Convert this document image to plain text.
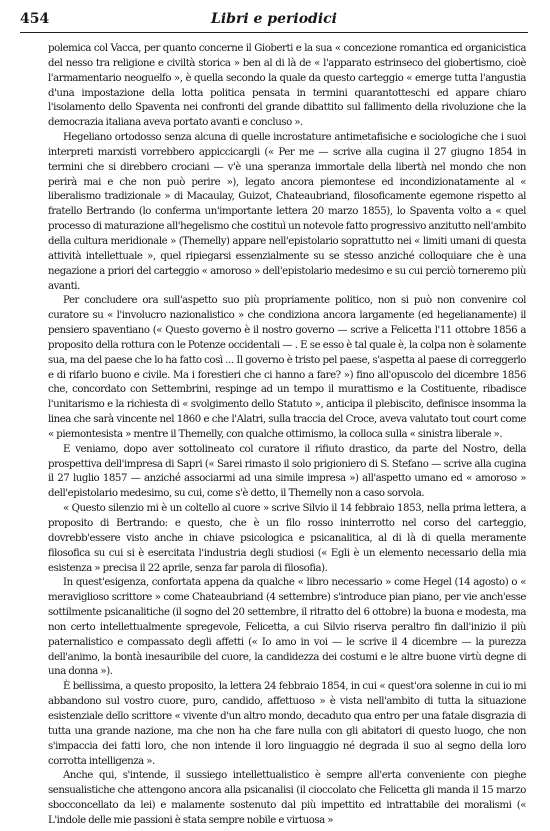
454	Libri e periodici

polemica col Vacca, per quanto concerne il Gioberti e la sua « concezione romantica ed organicistica del nesso tra religione e civiltà storica » ben al di là de « l'apparato estrinseco del giobertismo, cioè l'armamentario neoguelfo », è quella secondo la quale da questo carteggio « emerge tutta l'angustia d'una impostazione della lotta politica pensata in termini quarantotteschi ed appare chiaro l'isolamento dello Spaventa nei confronti del grande dibattito sul fallimento della rivoluzione che la democrazia italiana aveva portato avanti e concluso ».

Hegeliano ortodosso senza alcuna di quelle incrostature antimetafisiche e sociologiche che i suoi interpreti marxisti vorrebbero appiccicargli (« Per me — scrive alla cugina il 27 giugno 1854 in termini che si direbbero crociani — v'è una speranza immortale della libertà nel mondo che non perirà mai e che non può perire »), legato ancora piemontese ed incondizionatamente al « liberalismo tradizionale » di Macaulay, Guizot, Chateaubriand, filosoficamente egemone rispetto al fratello Bertrando (lo conferma un'importante lettera 20 marzo 1855), lo Spaventa volto a « quel processo di maturazione all'hegelismo che costituì un notevole fatto progressivo anzitutto nell'ambito della cultura meridionale » (Themelly) appare nell'epistolario soprattutto nei « limiti umani di questa attività intellettuale », quel ripiegarsi essenzialmente su se stesso anziché colloquiare che è una negazione a priori del carteggio « amoroso » dell'epistolario medesimo e su cui perciò torneremo più avanti.

Per concludere ora sull'aspetto suo più propriamente politico, non si può non convenire col curatore su « l'involucro nazionalistico » che condiziona ancora largamente (ed hegelianamente) il pensiero spaventiano (« Questo governo è il nostro governo — scrive a Felicetta l'11 ottobre 1856 a proposito della rottura con le Potenze occidentali — . E se esso è tal quale è, la colpa non è solamente sua, ma del paese che lo ha fatto così ... Il governo è tristo pel paese, s'aspetta al paese di correggerlo e di rifarlo buono e civile. Ma i forestieri che ci hanno a fare? ») fino all'opuscolo del dicembre 1856 che, concordato con Settembrini, respinge ad un tempo il murattismo e la Costituente, ribadisce l'unitarismo e la richiesta di « svolgimento dello Statuto », anticipa il plebiscito, definisce insomma la linea che sarà vincente nel 1860 e che l'Alatri, sulla traccia del Croce, aveva valutato tout court come « piemontesista » mentre il Themelly, con qualche ottimismo, la colloca sulla « sinistra liberale ».

E veniamo, dopo aver sottolineato col curatore il rifiuto drastico, da parte del Nostro, della prospettiva dell'impresa di Sapri (« Sarei rimasto il solo prigioniero di S. Stefano — scrive alla cugina il 27 luglio 1857 — anziché associarmi ad una simile impresa ») all'aspetto umano ed « amoroso » dell'epistolario medesimo, su cui, come s'è detto, il Themelly non a caso sorvola.

« Questo silenzio mi è un coltello al cuore » scrive Silvio il 14 febbraio 1853, nella prima lettera, a proposito di Bertrando: e questo, che è un filo rosso ininterrotto nel corso del carteggio, dovrebb'essere visto anche in chiave psicologica e psicanalitica, al di là di quella meramente filosofica su cui si è esercitata l'industria degli studiosi (« Egli è un elemento necessario della mia esistenza » precisa il 22 aprile, senza far parola di filosofia).

In quest'esigenza, confortata appena da qualche « libro necessario » come Hegel (14 agosto) o « meraviglioso scrittore » come Chateaubriand (4 settembre) s'introduce pian piano, per vie anch'esse sottilmente psicanalitiche (il sogno del 20 settembre, il ritratto del 6 ottobre) la buona e modesta, ma non certo intellettualmente spregevole, Felicetta, a cui Silvio riserva peraltro fin dall'inizio il più paternalistico e compassato degli affetti (« Io amo in voi — le scrive il 4 dicembre — la purezza dell'animo, la bontà inesauribile del cuore, la candidezza dei costumi e le altre buone virtù degne di una donna »).

È bellissima, a questo proposito, la lettera 24 febbraio 1854, in cui « quest'ora solenne in cui io mi abbandono sul vostro cuore, puro, candido, affettuoso » è vista nell'ambito di tutta la situazione esistenziale dello scrittore « vivente d'un altro mondo, decaduto qua entro per una fatale disgrazia di tutta una grande nazione, ma che non ha che fare nulla con gli abitatori di questo luogo, che non s'impaccia dei fatti loro, che non intende il loro linguaggio né degrada il suo al segno della loro corrotta intelligenza ».

Anche qui, s'intende, il sussiego intellettualistico è sempre all'erta conveniente con pieghe sensualistiche che attengono ancora alla psicanalisi (il cioccolato che Felicetta gli manda il 15 marzo sbocconcellato da lei) e malamente sostenuto dal più impettito ed intrattabile dei moralismi (« L'indole delle mie passioni è stata sempre nobile e virtuosa »
